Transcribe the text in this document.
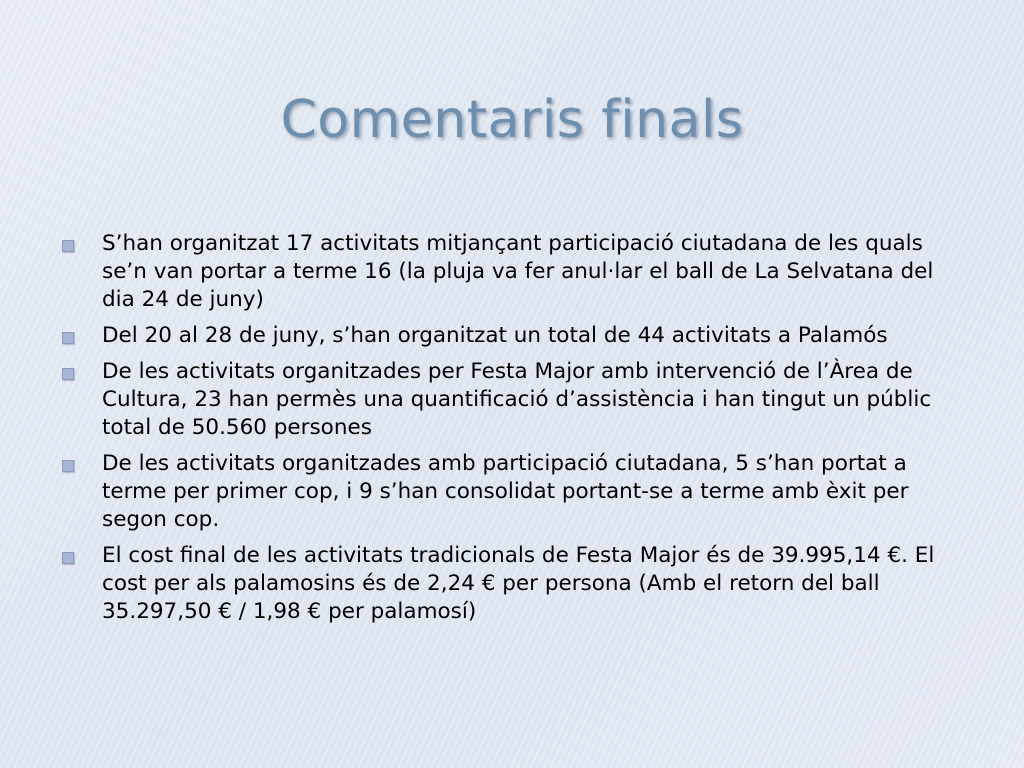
Comentaris finals
S’han organitzat 17 activitats mitjançant participació ciutadana de les quals se’n van portar a terme 16 (la pluja va fer anul·lar el ball de La Selvatana del dia 24 de juny)
Del 20 al 28 de juny, s’han organitzat un total de 44 activitats a Palamós
De les activitats organitzades per Festa Major amb intervenció de l’Àrea de Cultura, 23 han permès una quantificació d’assistència i han tingut un públic total de 50.560 persones
De les activitats organitzades amb participació ciutadana, 5 s’han portat a terme per primer cop, i 9 s’han consolidat portant-se a terme amb èxit per segon cop.
El cost final de les activitats tradicionals de Festa Major és de 39.995,14 €. El cost per als palamosins és de 2,24 € per persona (Amb el retorn del ball 35.297,50 € / 1,98 € per palamosí)
